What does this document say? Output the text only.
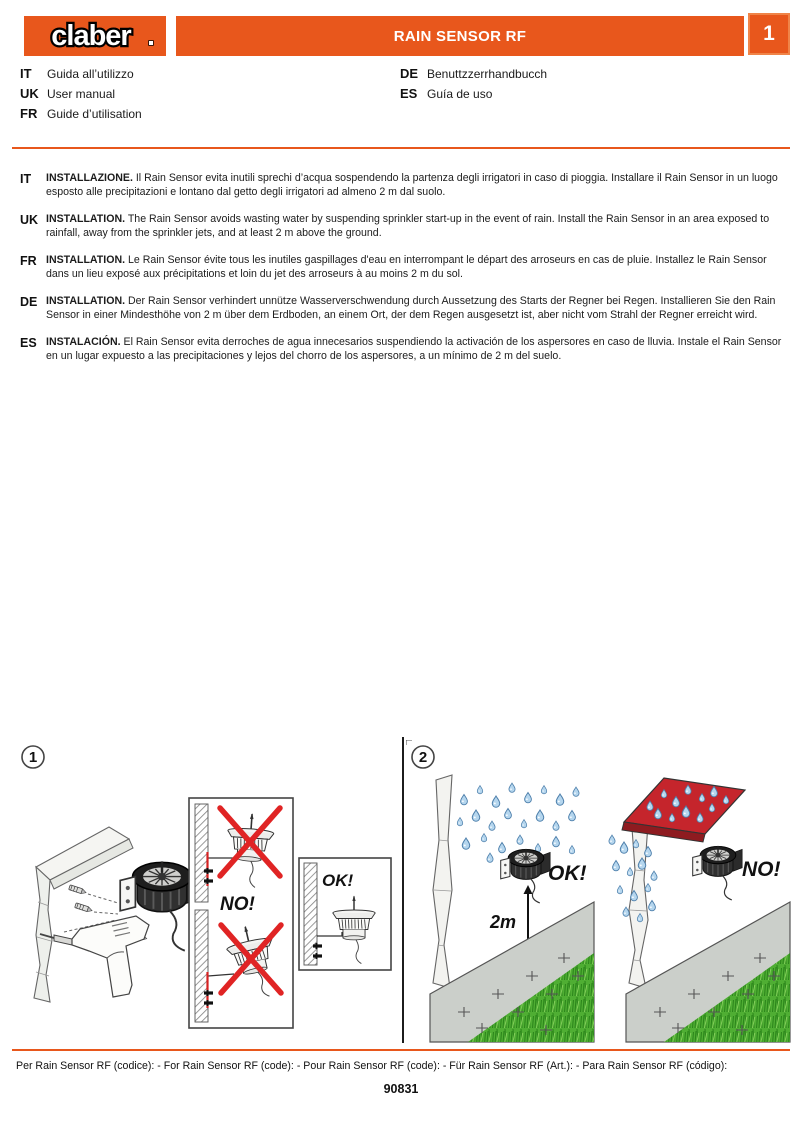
claber	RAIN SENSOR RF	1
IT	Guida all’utilizzo
UK User manual
FR Guide d’utilisation
DE Benuttzzerrhandbucch
ES Guía de uso
IT	INSTALLAZIONE. Il Rain Sensor evita inutili sprechi d’acqua sospendendo la partenza degli irrigatori in caso di pioggia. Installare il Rain Sensor in un luogo esposto alle precipitazioni e lontano dal getto degli irrigatori ad almeno 2 m dal suolo.
UK INSTALLATION. The Rain Sensor avoids wasting water by suspending sprinkler start-up in the event of rain. Install the Rain Sensor in an area exposed to rainfall, away from the sprinkler jets, and at least 2 m above the ground.
FR INSTALLATION. Le Rain Sensor évite tous les inutiles gaspillages d'eau en interrompant le départ des arroseurs en cas de pluie. Installez le Rain Sensor dans un lieu exposé aux précipitations et loin du jet des arroseurs à au moins 2 m du sol.
DE INSTALLATION. Der Rain Sensor verhindert unnütze Wasserverschwendung durch Aussetzung des Starts der Regner bei Regen. Installieren Sie den Rain Sensor in einer Mindesthöhe von 2 m über dem Erdboden, an einem Ort, der dem Regen ausgesetzt ist, aber nicht vom Strahl der Regner erreicht wird.
ES INSTALACIÓN. El Rain Sensor evita derroches de agua innecesarios suspendiendo la activación de los aspersores en caso de lluvia. Instale el Rain Sensor en un lugar expuesto a las precipitaciones y lejos del chorro de los aspersores, a un mínimo de 2 m del suelo.
1
NO!
OK!
2
OK!
2m
NO!
Per Rain Sensor RF (codice): - For Rain Sensor RF (code): - Pour Rain Sensor RF (code): - Für Rain Sensor RF (Art.): - Para Rain Sensor RF (código):
90831
